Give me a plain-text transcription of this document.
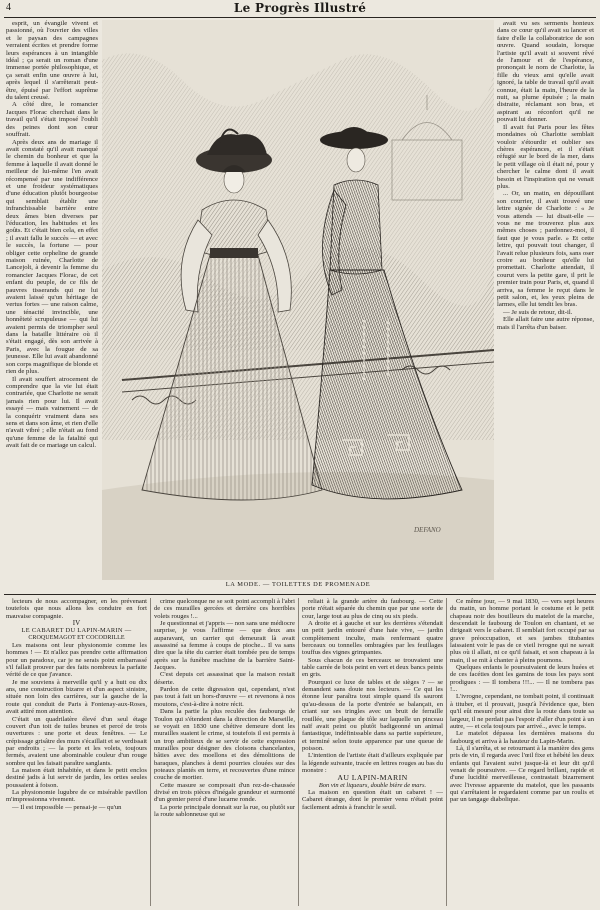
4	Le Progrès Illustré

esprit, un évangile vivent et passionné, où l'ouvrier des villes et le paysan des campagnes verraient écrites et prendre forme leurs espérances à un intangible idéal ; ça serait un roman d'une immense portée philosophique, et ça serait enfin une œuvre à lui, après lequel il s'arrêterait peut-être, épuisé par l'effort suprême du talent creusé.

A côté dire, le romancier Jacques Florac cherchait dans le travail qu'il s'était imposé l'oubli des peines dont son cœur souffrait.

Après deux ans de mariage il avait constaté qu'il avait manqué le chemin du bonheur et que la femme à laquelle il avait donné le meilleur de lui-même l'en avait récompensé par une indifférence et une froideur systématiques d'une éducation plutôt bourgeoise qui semblait établir une infranchissable barrière entre deux âmes bien diverses par l'éducation, les habitudes et les goûts. Et c'était bien cela, en effet ; il avait fallu le succès — et avec le succès, la fortune — pour obliger cette orpheline de grande maison ruinée, Charlotte de Lancejolt, à devenir la femme du romancier Jacques Florac, de cet enfant du peuple, de ce fils de pauvres tisserands qui ne lui avaient laissé qu'un héritage de vertus fortes — une raison calme, une ténacité invincible, une honnêteté scrupuleuse — qui lui avaient permis de triompher seul dans la bataille littéraire où il s'était engagé, dès son arrivée à Paris, avec la fougue de sa jeunesse. Elle lui avait abandonné son corps magnifique de blonde et rien de plus.

Il avait souffert atrocement de comprendre que la vie lui était contrariée, que Charlotte ne serait jamais rien pour lui. Il avait essayé — mais vainement — de la conquérir vraiment dans ses sens et dans son âme, et rien d'elle n'avait vibré ; elle n'était au fond qu'une femme de la fatalité qui avait fait de ce mariage un calcul.

DEFANO
LA MODE. — TOILETTES DE PROMENADE

avait vu ses serments honteux dans ce cœur qu'il avait su lancer et faire d'elle la collaboratrice de son œuvre. Quand soudain, lorsque l'artiste qu'il avait si souvent rêvé de l'amour et de l'espérance, prononçait le nom de Charlotte, la fille du vieux ami qu'elle avait ignoré, la table de travail qu'il avait connue, était la main, l'heure de la nuit, sa plume épuisée ; la main distraite, réclamant son bras, et aspirant au réconfort qu'il ne pouvait lui donner.

Il avait fui Paris pour les fêtes mondaines où Charlotte semblait vouloir s'étourdir et oublier ses chères espérances, et il s'était réfugié sur le bord de la mer, dans le petit village où il était né, pour y chercher le calme dont il avait besoin et l'inspiration qui ne venait plus.

... Or, un matin, en dépouillant son courrier, il avait trouvé une lettre signée de Charlotte : « Je vous attends — lui disait-elle — vous ne me trouverez plus aux mêmes choses ; pardonnez-moi, il faut que je vous parle. » Et cette lettre, qui pouvait tout changer, il l'avait relue plusieurs fois, sans oser croire au bonheur qu'elle lui promettait. Charlotte attendait, il courut vers la petite gare, il prit le premier train pour Paris, et, quand il arriva, sa femme le reçut dans le petit salon, et, les yeux pleins de larmes, elle lui tendit les bras.

— Je suis de retour, dit-il.

Elle allait faire une autre réponse, mais il l'arrêta d'un baiser.

lecteurs de nous accompagner, en les prévenant toutefois que nous allons les conduire en fort mauvaise compagnie.

IV

LE CABARET DU LAPIN-MARIN —

CROQUEMAGOT ET COCODRILLE

Les maisons ont leur physionomie comme les hommes ! — Et n'allez pas prendre cette affirmation pour un paradoxe, car je ne serais point embarrassé s'il fallait prouver par des faits nombreux la parfaite vérité de ce que j'avance.

Je me souviens à merveille qu'il y a huit ou dix ans, une construction bizarre et d'un aspect sinistre, située non loin des carrières, sur la gauche de la route qui conduit de Paris à Fontenay-aux-Roses, avait attiré mon attention.

C'était un quadrilatère élevé d'un seul étage couvert d'un toit de tuiles brunes et percé de trois ouvertures : une porte et deux fenêtres. — Le crépissage grisâtre des murs s'écaillait et se verdissait par endroits ; — la porte et les volets, toujours fermés, avaient une abominable couleur d'un rouge sombre qui les faisait paraître sanglants.

La maison était inhabitée, et dans le petit enclos destiné jadis à lui servir de jardin, les orties seules poussaient à foison.

La physionomie lugubre de ce misérable pavillon m'impressionna vivement.

— Il est impossible — pensai-je — qu'un

crime quelconque ne se soit point accompli à l'abri de ces murailles gercées et derrière ces horribles volets rouges !...

Je questionnai et j'appris — non sans une médiocre surprise, je vous l'affirme — que deux ans auparavant, un carrier qui demeurait là avait assassiné sa femme à coups de pioche... Il va sans dire que la tête du carrier était tombée peu de temps après sur la funèbre machine de la barrière Saint-Jacques.

C'est depuis cet assassinat que la maison restait déserte.

Pardon de cette digression qui, cependant, n'est pas tout à fait un hors-d'œuvre — et revenons à nos moutons, c'est-à-dire à notre récit.

Dans la partie la plus reculée des faubourgs de Toulon qui s'étendent dans la direction de Marseille, se voyait en 1830 une chétive demeure dont les murailles suaient le crime, si toutefois il est permis à un trop ambitieux de se servir de cette expression murailles pour désigner des cloisons chancelantes, bâties avec des moellons et des démolitions de baraques, planches à demi pourries clouées sur des poteaux plantés en terre, et recouvertes d'une mince couche de mortier.

Cette masure se composait d'un rez-de-chaussée divisé en trois pièces d'inégale grandeur et surmonté d'un grenier percé d'une lucarne ronde.

La porte principale donnait sur la rue, ou plutôt sur la route sablonneuse qui se

reliait à la grande artère du faubourg. — Cette porte n'était séparée du chemin que par une sorte de cour, large tout au plus de cinq ou six pieds.

A droite et à gauche et sur les derrières s'étendait un petit jardin entouré d'une haie vive, — jardin complètement inculte, mais renfermant quatre berceaux ou tonnelles ombragées par les feuillages touffus des vignes grimpantes.

Sous chacun de ces berceaux se trouvaient une table carrée de bois peint en vert et deux bancs peints en gris.

Pourquoi ce luxe de tables et de sièges ? — se demandent sans doute nos lecteurs. — Ce qui les étonne leur paraîtra tout simple quand ils sauront qu'au-dessus de la porte d'entrée se balançait, en criant sur ses tringles avec un bruit de ferraille rouillée, une plaque de tôle sur laquelle un pinceau naïf avait peint ou plutôt badigeonné un animal fantastique, indéfinissable dans sa partie supérieure, et terminé selon toute apparence par une queue de poisson.

L'intention de l'artiste était d'ailleurs expliquée par la légende suivante, tracée en lettres rouges au bas du monstre :

AU LAPIN-MARIN

Bon vin et liqueurs, double bière de mars.

La maison en question était un cabaret ! — Cabaret étrange, dont le premier venu n'était point facilement admis à franchir le seuil.

Ce même jour, — 9 mai 1830, — vers sept heures du matin, un homme portant le costume et le petit chapeau noir des bouilleurs du matelot de la marche, descendait le faubourg de Toulon en chantant, et se dirigeait vers le cabaret. Il semblait fort occupé par sa grave préoccupation, et ses jambes titubantes laissaient voir le pas de ce vieil ivrogne qui ne savait plus où il allait, ni ce qu'il faisait, et son chapeau à la main, il se mit à chanter à pleins poumons.

Quelques enfants le poursuivaient de leurs huées et de ces facéties dont les gamins de tous les pays sont prodigues : — Il tombera !!!... — Il ne tombera pas !...

L'ivrogne, cependant, ne tombait point, il continuait à tituber, et il prouvait, jusqu'à l'évidence que, bien qu'il eût mesuré pour ainsi dire la route dans toute sa largeur, il ne perdait pas l'espoir d'aller d'un point à un autre, — et cela toujours par arrivé.., avec le temps.

Le matelot dépassa les dernières maisons du faubourg et arriva à la hauteur du Lapin-Marin.

Là, il s'arrêta, et se retournant à la manière des gens pris de vin, il regarda avec l'œil fixe et hébété les deux enfants qui l'avaient suivi jusque-là et leur dit qu'il venait de poursuivre. — Ce regard brillant, rapide et d'une lucidité merveilleuse, contrastait bizarrement avec l'ivresse apparente du matelot, que les passants qui s'arrêtaient le regardaient comme par un roulis et par un tangage diabolique.
